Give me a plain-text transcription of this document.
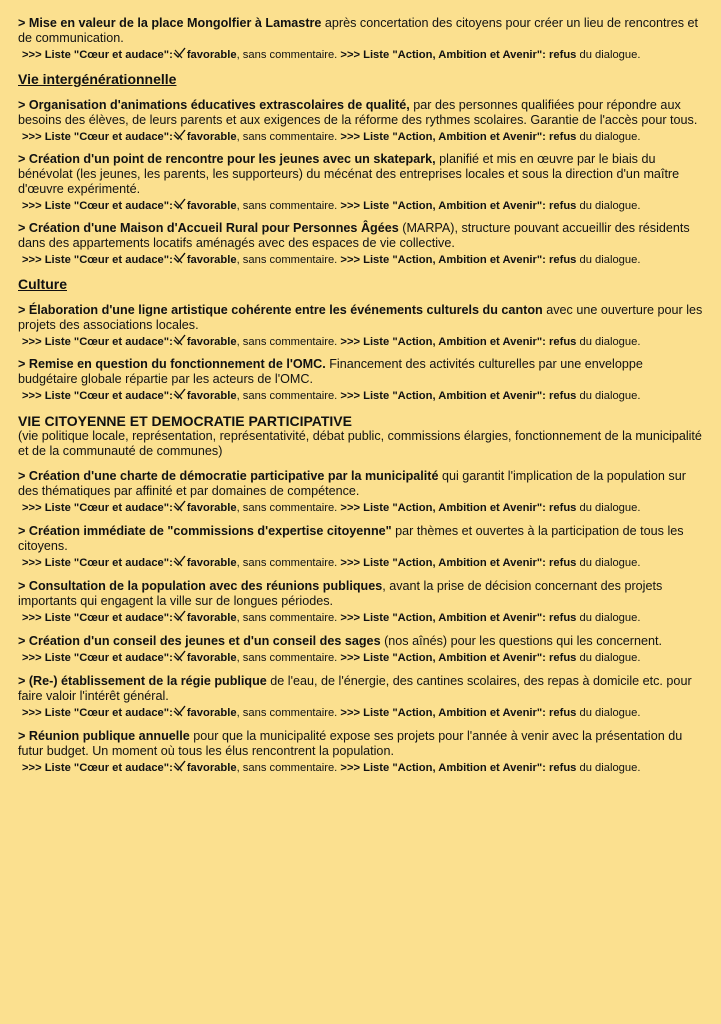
> Mise en valeur de la place Mongolfier à Lamastre après concertation des citoyens pour créer un lieu de rencontres et de communication.

>>> Liste "Cœur et audace": favorable, sans commentaire. >>> Liste "Action, Ambition et Avenir": refus du dialogue.
Vie intergénérationnelle

> Organisation d'animations éducatives extrascolaires de qualité, par des personnes qualifiées pour répondre aux besoins des élèves, de leurs parents et aux exigences de la réforme des rythmes scolaires. Garantie de l'accès pour tous.

>>> Liste "Cœur et audace": favorable, sans commentaire. >>> Liste "Action, Ambition et Avenir": refus du dialogue.

> Création d'un point de rencontre pour les jeunes avec un skatepark, planifié et mis en œuvre par le biais du bénévolat (les jeunes, les parents, les supporteurs) du mécénat des entreprises locales et sous la direction d'un maître d'œuvre expérimenté.

>>> Liste "Cœur et audace": favorable, sans commentaire. >>> Liste "Action, Ambition et Avenir": refus du dialogue.

> Création d'une Maison d'Accueil Rural pour Personnes Âgées (MARPA), structure pouvant accueillir des résidents dans des appartements locatifs aménagés avec des espaces de vie collective.

>>> Liste "Cœur et audace": favorable, sans commentaire. >>> Liste "Action, Ambition et Avenir": refus du dialogue.
Culture

> Élaboration d'une ligne artistique cohérente entre les événements culturels du canton avec une ouverture pour les projets des associations locales.

>>> Liste "Cœur et audace": favorable, sans commentaire. >>> Liste "Action, Ambition et Avenir": refus du dialogue.

> Remise en question du fonctionnement de l'OMC. Financement des activités culturelles par une enveloppe budgétaire globale répartie par les acteurs de l'OMC.

>>> Liste "Cœur et audace": favorable, sans commentaire. >>> Liste "Action, Ambition et Avenir": refus du dialogue.
VIE CITOYENNE ET DEMOCRATIE PARTICIPATIVE
(vie politique locale, représentation, représentativité, débat public, commissions élargies, fonctionnement de la municipalité et de la communauté de communes)

> Création d'une charte de démocratie participative par la municipalité qui garantit l'implication de la population sur des thématiques par affinité et par domaines de compétence.

>>> Liste "Cœur et audace": favorable, sans commentaire. >>> Liste "Action, Ambition et Avenir": refus du dialogue.

> Création immédiate de "commissions d'expertise citoyenne" par thèmes et ouvertes à la participation de tous les citoyens.

>>> Liste "Cœur et audace": favorable, sans commentaire. >>> Liste "Action, Ambition et Avenir": refus du dialogue.

> Consultation de la population avec des réunions publiques, avant la prise de décision concernant des projets importants qui engagent la ville sur de longues périodes.

>>> Liste "Cœur et audace": favorable, sans commentaire. >>> Liste "Action, Ambition et Avenir": refus du dialogue.

> Création d'un conseil des jeunes et d'un conseil des sages (nos aînés) pour les questions qui les concernent.

>>> Liste "Cœur et audace": favorable, sans commentaire. >>> Liste "Action, Ambition et Avenir": refus du dialogue.

> (Re-) établissement de la régie publique de l'eau, de l'énergie, des cantines scolaires, des repas à domicile etc. pour faire valoir l'intérêt général.

>>> Liste "Cœur et audace": favorable, sans commentaire. >>> Liste "Action, Ambition et Avenir": refus du dialogue.

> Réunion publique annuelle pour que la municipalité expose ses projets pour l'année à venir avec la présentation du futur budget. Un moment où tous les élus rencontrent la population.

>>> Liste "Cœur et audace": favorable, sans commentaire. >>> Liste "Action, Ambition et Avenir": refus du dialogue.
